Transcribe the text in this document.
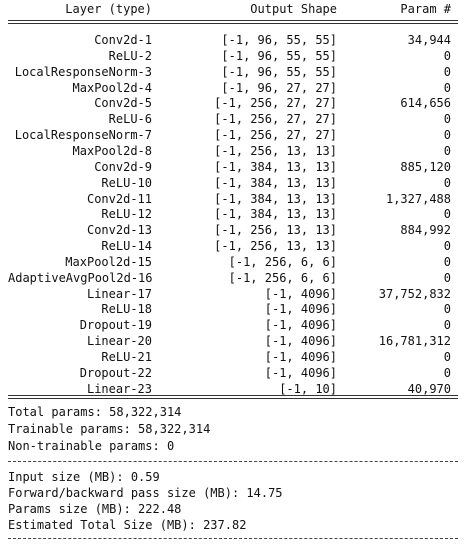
Layer (type)	Output Shape	Param #
Conv2d-1	[-1, 96, 55, 55]	34,944
ReLU-2	[-1, 96, 55, 55]	0
LocalResponseNorm-3	[-1, 96, 55, 55]	0
MaxPool2d-4	[-1, 96, 27, 27]	0
Conv2d-5	[-1, 256, 27, 27]	614,656
ReLU-6	[-1, 256, 27, 27]	0
LocalResponseNorm-7	[-1, 256, 27, 27]	0
MaxPool2d-8	[-1, 256, 13, 13]	0
Conv2d-9	[-1, 384, 13, 13]	885,120
ReLU-10	[-1, 384, 13, 13]	0
Conv2d-11	[-1, 384, 13, 13]	1,327,488
ReLU-12	[-1, 384, 13, 13]	0
Conv2d-13	[-1, 256, 13, 13]	884,992
ReLU-14	[-1, 256, 13, 13]	0
MaxPool2d-15	[-1, 256, 6, 6]	0
AdaptiveAvgPool2d-16	[-1, 256, 6, 6]	0
Linear-17	[-1, 4096]	37,752,832
ReLU-18	[-1, 4096]	0
Dropout-19	[-1, 4096]	0
Linear-20	[-1, 4096]	16,781,312
ReLU-21	[-1, 4096]	0
Dropout-22	[-1, 4096]	0
Linear-23	[-1, 10]	40,970
Total params: 58,322,314
Trainable params: 58,322,314
Non-trainable params: 0
Input size (MB): 0.59
Forward/backward pass size (MB): 14.75
Params size (MB): 222.48
Estimated Total Size (MB): 237.82
